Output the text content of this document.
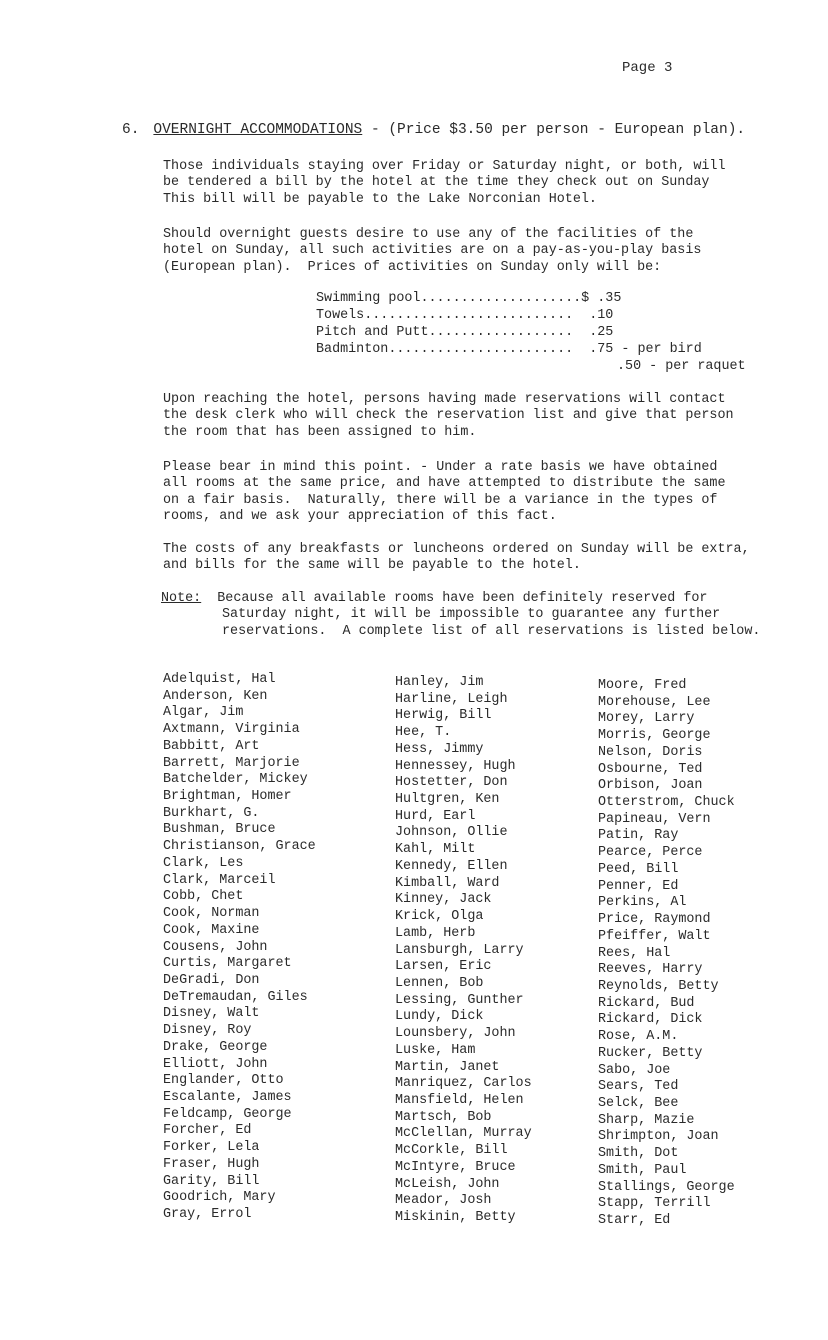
Page 3
6. OVERNIGHT ACCOMMODATIONS - (Price $3.50 per person - European plan).

Those individuals staying over Friday or Saturday night, or both, will

be tendered a bill by the hotel at the time they check out on Sunday

This bill will be payable to the Lake Norconian Hotel.

Should overnight guests desire to use any of the facilities of the

hotel on Sunday, all such activities are on a pay-as-you-play basis

(European plan).  Prices of activities on Sunday only will be:

Swimming pool....................$ .35
Towels.......................... .10
Pitch and Putt.................. .25
Badminton....................... .75 - per bird
.50 - per raquet

Upon reaching the hotel, persons having made reservations will contact

the desk clerk who will check the reservation list and give that person

the room that has been assigned to him.

Please bear in mind this point. - Under a rate basis we have obtained

all rooms at the same price, and have attempted to distribute the same

on a fair basis.  Naturally, there will be a variance in the types of

rooms, and we ask your appreciation of this fact.

The costs of any breakfasts or luncheons ordered on Sunday will be extra,

and bills for the same will be payable to the hotel.

Note:  Because all available rooms have been definitely reserved for

Saturday night, it will be impossible to guarantee any further

reservations.  A complete list of all reservations is listed below.

Adelquist, Hal
Anderson, Ken
Algar, Jim
Axtmann, Virginia
Babbitt, Art
Barrett, Marjorie
Batchelder, Mickey
Brightman, Homer
Burkhart, G.
Bushman, Bruce
Christianson, Grace
Clark, Les
Clark, Marceil
Cobb, Chet
Cook, Norman
Cook, Maxine
Cousens, John
Curtis, Margaret
DeGradi, Don
DeTremaudan, Giles
Disney, Walt
Disney, Roy
Drake, George
Elliott, John
Englander, Otto
Escalante, James
Feldcamp, George
Forcher, Ed
Forker, Lela
Fraser, Hugh
Garity, Bill
Goodrich, Mary
Gray, Errol
Hanley, Jim
Harline, Leigh
Herwig, Bill
Hee, T.
Hess, Jimmy
Hennessey, Hugh
Hostetter, Don
Hultgren, Ken
Hurd, Earl
Johnson, Ollie
Kahl, Milt
Kennedy, Ellen
Kimball, Ward
Kinney, Jack
Krick, Olga
Lamb, Herb
Lansburgh, Larry
Larsen, Eric
Lennen, Bob
Lessing, Gunther
Lundy, Dick
Lounsbery, John
Luske, Ham
Martin, Janet
Manriquez, Carlos
Mansfield, Helen
Martsch, Bob
McClellan, Murray
McCorkle, Bill
McIntyre, Bruce
McLeish, John
Meador, Josh
Miskinin, Betty
Moore, Fred
Morehouse, Lee
Morey, Larry
Morris, George
Nelson, Doris
Osbourne, Ted
Orbison, Joan
Otterstrom, Chuck
Papineau, Vern
Patin, Ray
Pearce, Perce
Peed, Bill
Penner, Ed
Perkins, Al
Price, Raymond
Pfeiffer, Walt
Rees, Hal
Reeves, Harry
Reynolds, Betty
Rickard, Bud
Rickard, Dick
Rose, A.M.
Rucker, Betty
Sabo, Joe
Sears, Ted
Selck, Bee
Sharp, Mazie
Shrimpton, Joan
Smith, Dot
Smith, Paul
Stallings, George
Stapp, Terrill
Starr, Ed
